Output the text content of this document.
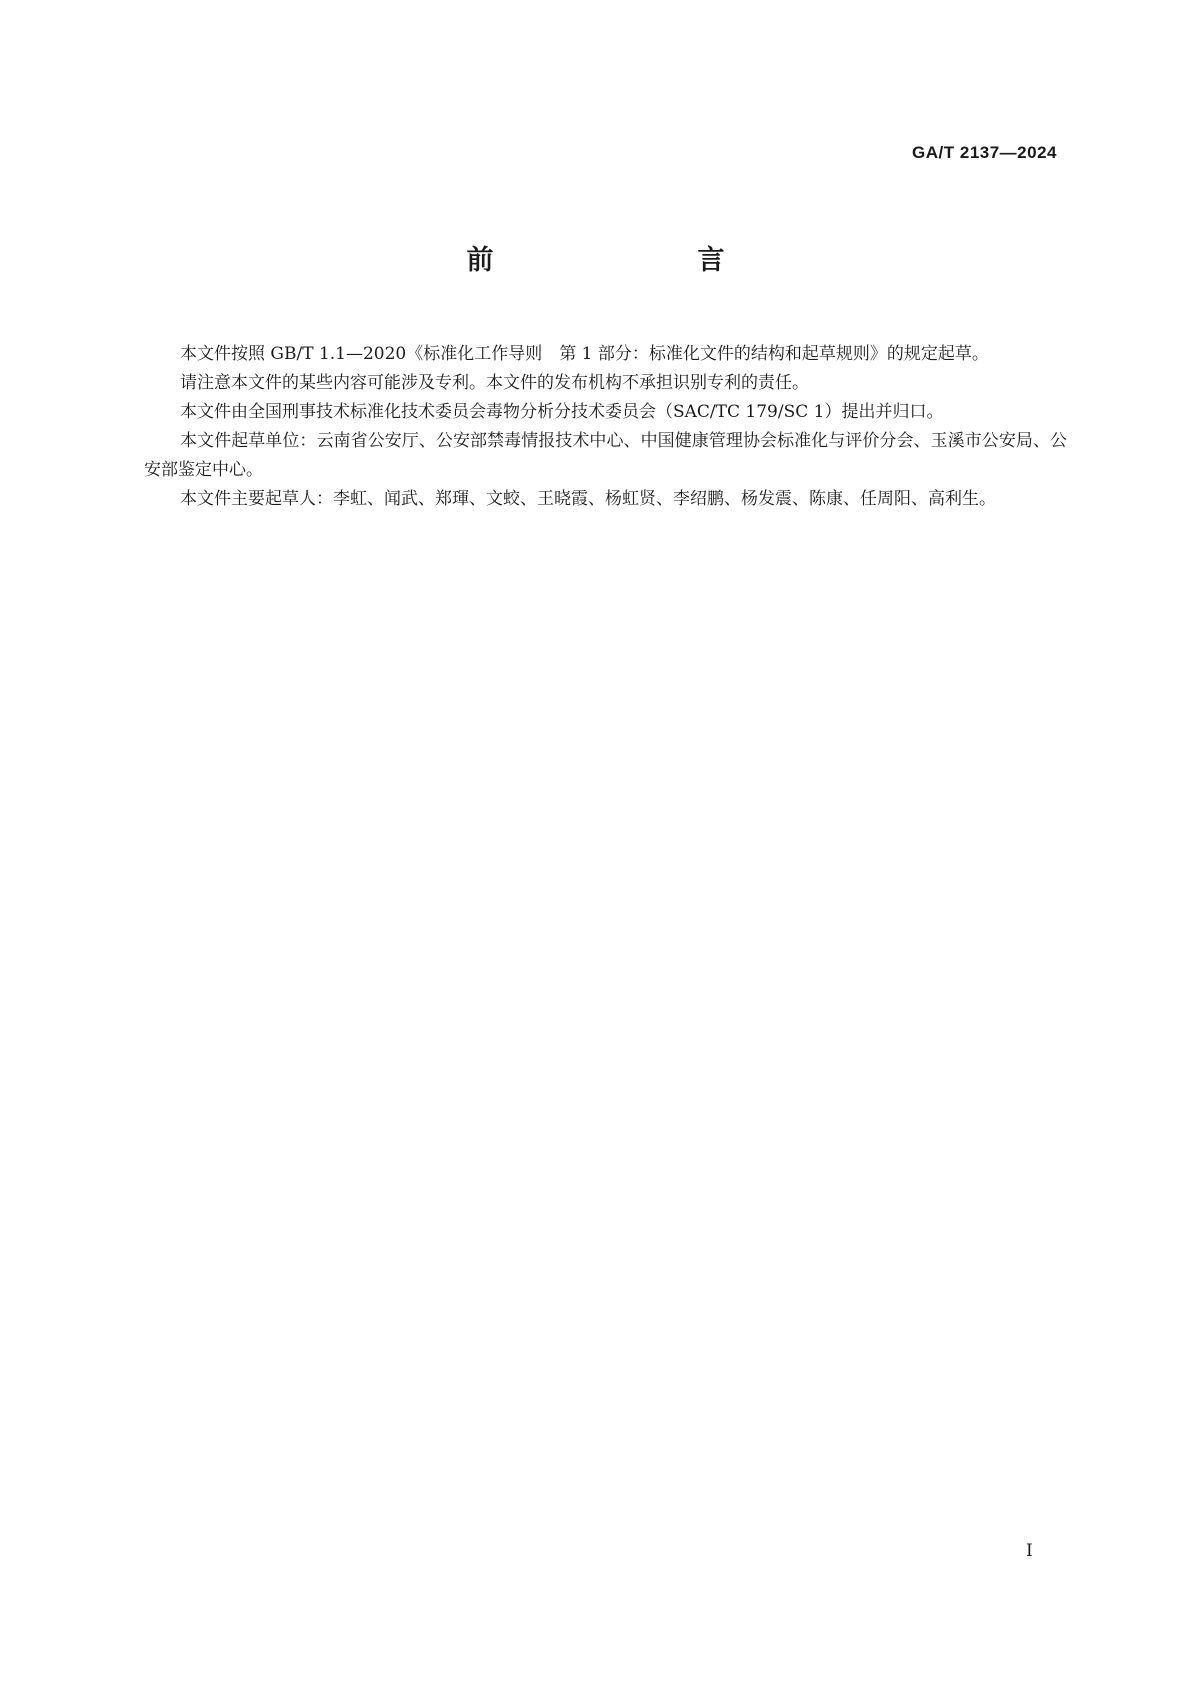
GA/T 2137—2024
前　　言

本文件按照 GB/T 1.1—2020《标准化工作导则　第 1 部分：标准化文件的结构和起草规则》的规定起草。

请注意本文件的某些内容可能涉及专利。本文件的发布机构不承担识别专利的责任。

本文件由全国刑事技术标准化技术委员会毒物分析分技术委员会（SAC/TC 179/SC 1）提出并归口。

本文件起草单位：云南省公安厅、公安部禁毒情报技术中心、中国健康管理协会标准化与评价分会、玉溪市公安局、公安部鉴定中心。

本文件主要起草人：李虹、闻武、郑琿、文蛟、王晓霞、杨虹贤、李绍鹏、杨发震、陈康、任周阳、高利生。

I
